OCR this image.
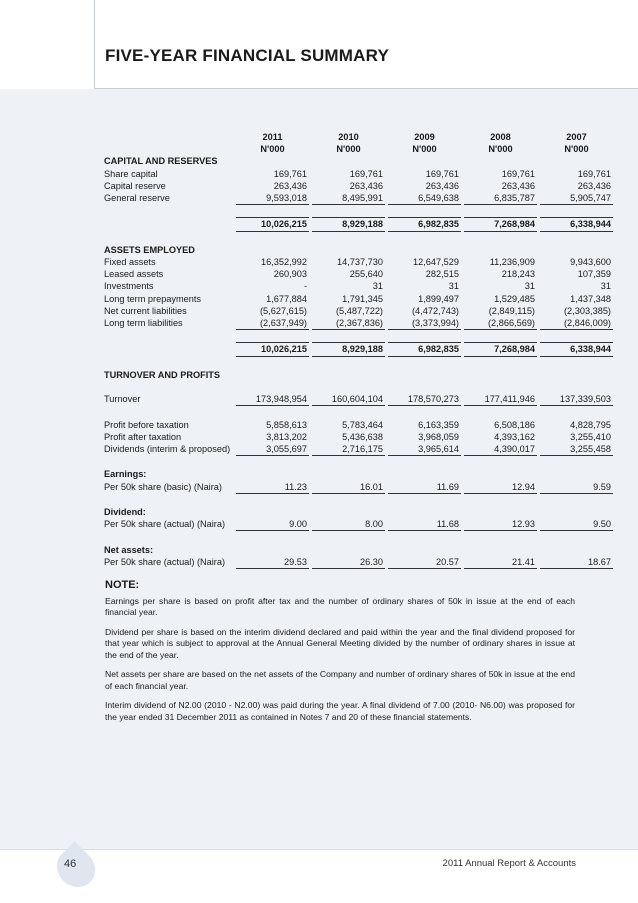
FIVE-YEAR FINANCIAL SUMMARY
	2011		2010		2009		2008		2007
	N'000		N'000		N'000		N'000		N'000
CAPITAL AND RESERVES									
Share capital	169,761		169,761		169,761		169,761		169,761
Capital reserve	263,436		263,436		263,436		263,436		263,436
General reserve	9,593,018		8,495,991		6,549,638		6,835,787		5,905,747

	10,026,215		8,929,188		6,982,835		7,268,984		6,338,944

ASSETS EMPLOYED									
Fixed assets	16,352,992		14,737,730		12,647,529		11,236,909		9,943,600
Leased assets	260,903		255,640		282,515		218,243		107,359
Investments	-		31		31		31		31
Long term prepayments	1,677,884		1,791,345		1,899,497		1,529,485		1,437,348
Net current liabilities	(5,627,615)		(5,487,722)		(4,472,743)		(2,849,115)		(2,303,385)
Long term liabilities	(2,637,949)		(2,367,836)		(3,373,994)		(2,866,569)		(2,846,009)

	10,026,215		8,929,188		6,982,835		7,268,984		6,338,944

TURNOVER AND PROFITS									

Turnover	173,948,954		160,604,104		178,570,273		177,411,946		137,339,503

Profit before taxation	5,858,613		5,783,464		6,163,359		6,508,186		4,828,795
Profit after taxation	3,813,202		5,436,638		3,968,059		4,393,162		3,255,410
Dividends (interim & proposed)	3,055,697		2,716,175		3,965,614		4,390,017		3,255,458

Earnings:									
Per 50k share (basic) (Naira)	11.23		16.01		11.69		12.94		9.59

Dividend:									
Per 50k share (actual) (Naira)	9.00		8.00		11.68		12.93		9.50

Net assets:									
Per 50k share (actual) (Naira)	29.53		26.30		20.57		21.41		18.67
NOTE:

Earnings per share is based on profit after tax and the number of ordinary shares of 50k in issue at the end of each financial year.

Dividend per share is based on the interim dividend declared and paid within the year and the final dividend proposed for that year which is subject to approval at the Annual General Meeting divided by the number of ordinary shares in issue at the end of the year.

Net assets per share are based on the net assets of the Company and number of ordinary shares of 50k in issue at the end of each financial year.

Interim dividend of N2.00 (2010 - N2.00) was paid during the year. A final dividend of 7.00 (2010- N6.00) was proposed for the year ended 31 December 2011 as contained in Notes 7 and 20 of these financial statements.

46	2011 Annual Report & Accounts
